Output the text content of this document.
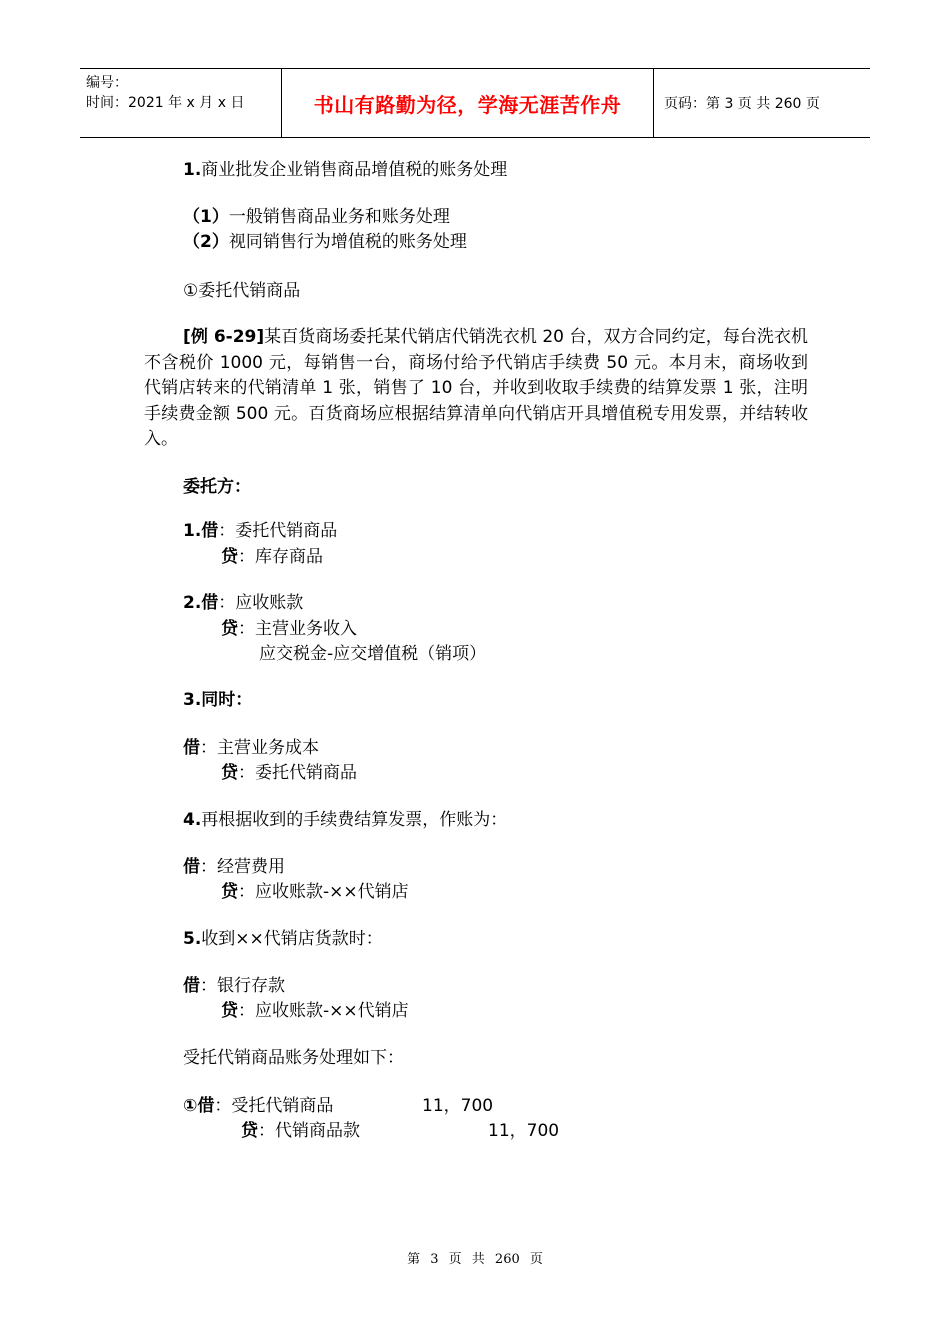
编号：
时间：2021 年 x 月 x 日	书山有路勤为径，学海无涯苦作舟	页码：第 3 页 共 260 页
1.商业批发企业销售商品增值税的账务处理
（1）一般销售商品业务和账务处理
（2）视同销售行为增值税的账务处理
①委托代销商品
[例 6-29]某百货商场委托某代销店代销洗衣机 20 台，双方合同约定，每台洗衣机不含税价 1000 元，每销售一台，商场付给予代销店手续费 50 元。本月末，商场收到代销店转来的代销清单 1 张，销售了 10 台，并收到收取手续费的结算发票 1 张，注明手续费金额 500 元。百货商场应根据结算清单向代销店开具增值税专用发票，并结转收入。
委托方：
1.借：委托代销商品
贷：库存商品
2.借：应收账款
贷：主营业务收入
应交税金-应交增值税（销项）
3.同时：
借：主营业务成本
贷：委托代销商品
4.再根据收到的手续费结算发票，作账为：
借：经营费用
贷：应收账款-××代销店
5.收到××代销店货款时：
借：银行存款
贷：应收账款-××代销店
受托代销商品账务处理如下：
①借：受托代销商品	11，700
贷：代销商品款	11，700
第 3 页 共 260 页
